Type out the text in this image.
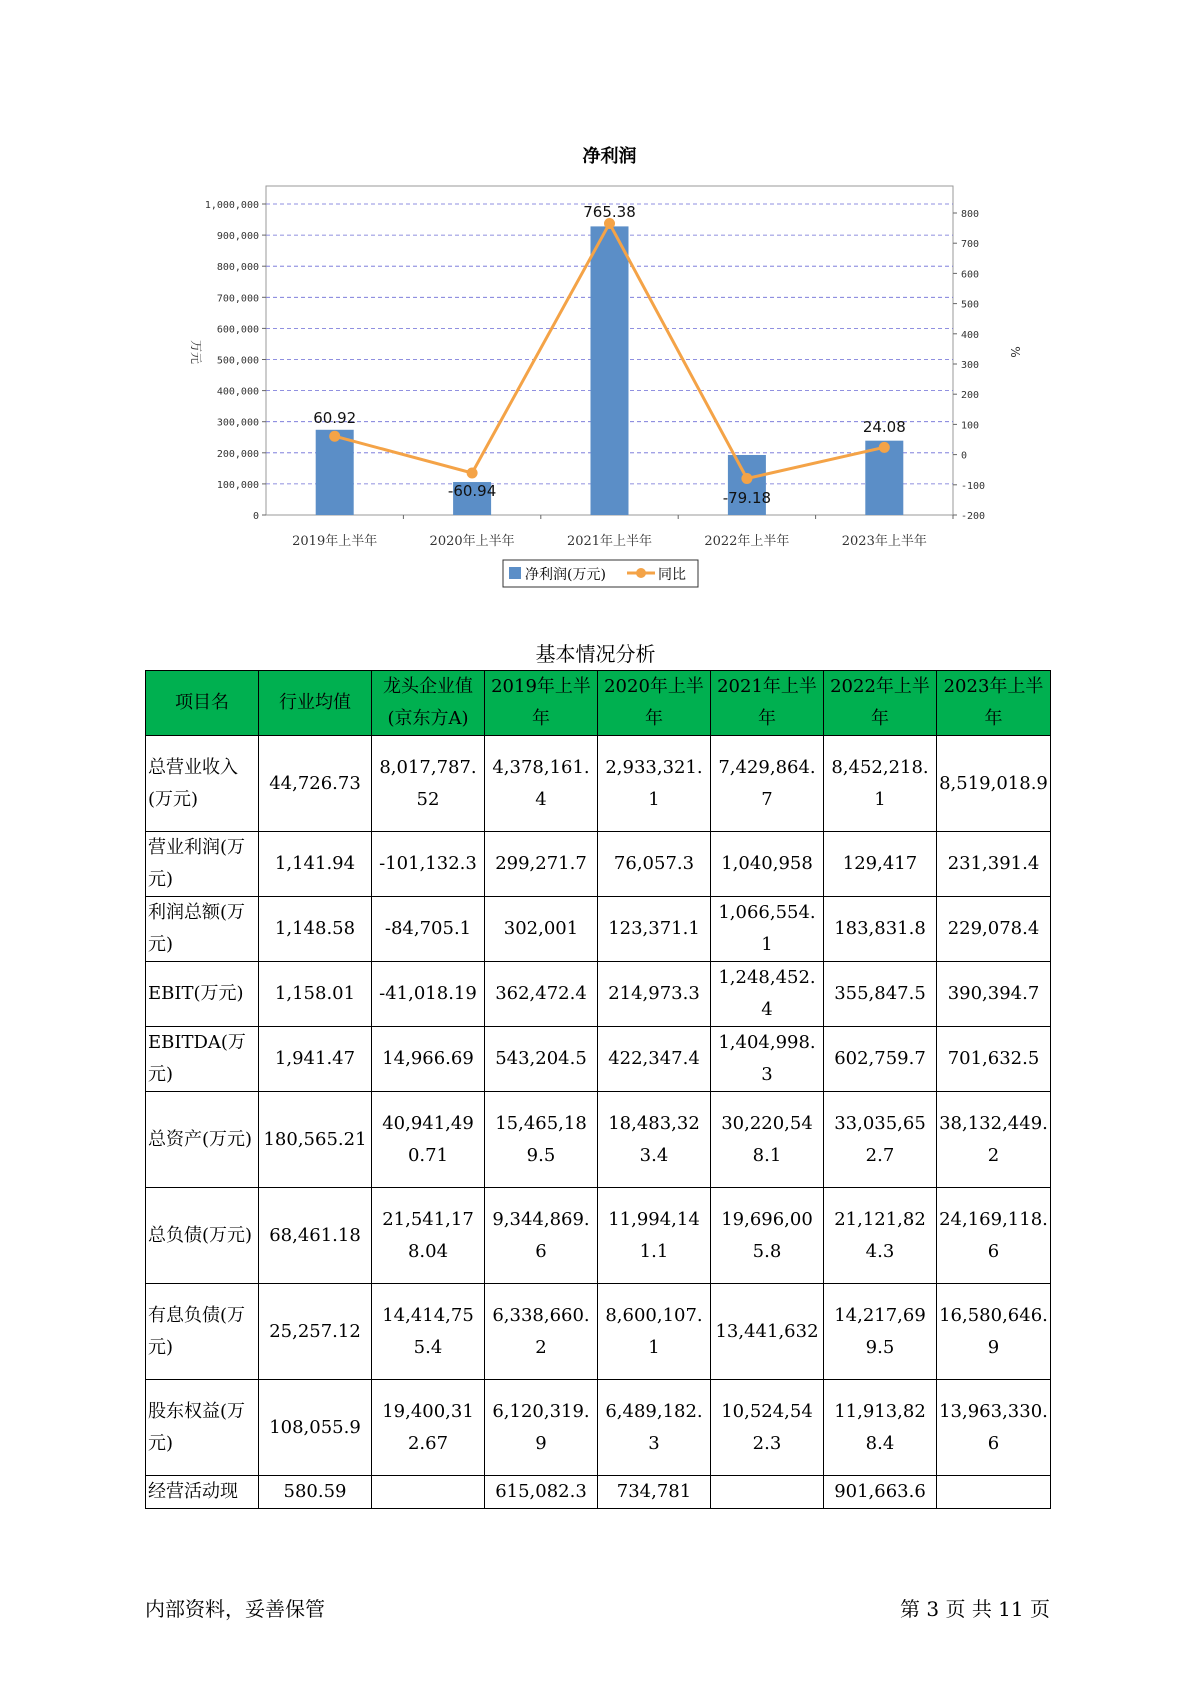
净利润
0
100,000
200,000
300,000
400,000
500,000
600,000
700,000
800,000
900,000
1,000,000
-200
-100
0
100
200
300
400
500
600
700
800
万元	%
2019年上半年	2020年上半年	2021年上半年	2022年上半年	2023年上半年
60.92
-60.94
765.38
-79.18
24.08
净利润(万元)	同比
基本情况分析
项目名	行业均值	龙头企业值(京东方A)	2019年上半年	2020年上半年	2021年上半年	2022年上半年	2023年上半年
总营业收入(万元)	44,726.73	8,017,787.52	4,378,161.4	2,933,321.1	7,429,864.7	8,452,218.1	8,519,018.9
营业利润(万元)	1,141.94	-101,132.3	299,271.7	76,057.3	1,040,958	129,417	231,391.4
利润总额(万元)	1,148.58	-84,705.1	302,001	123,371.1	1,066,554.1	183,831.8	229,078.4
EBIT(万元)	1,158.01	-41,018.19	362,472.4	214,973.3	1,248,452.4	355,847.5	390,394.7
EBITDA(万元)	1,941.47	14,966.69	543,204.5	422,347.4	1,404,998.3	602,759.7	701,632.5
总资产(万元)	180,565.21	40,941,490.71	15,465,189.5	18,483,323.4	30,220,548.1	33,035,652.7	38,132,449.2
总负债(万元)	68,461.18	21,541,178.04	9,344,869.6	11,994,141.1	19,696,005.8	21,121,824.3	24,169,118.6
有息负债(万元)	25,257.12	14,414,755.4	6,338,660.2	8,600,107.1	13,441,632	14,217,699.5	16,580,646.9
股东权益(万元)	108,055.9	19,400,312.67	6,120,319.9	6,489,182.3	10,524,542.3	11,913,828.4	13,963,330.6
经营活动现	580.59		615,082.3	734,781		901,663.6	
内部资料，妥善保管	第 3 页 共 11 页
